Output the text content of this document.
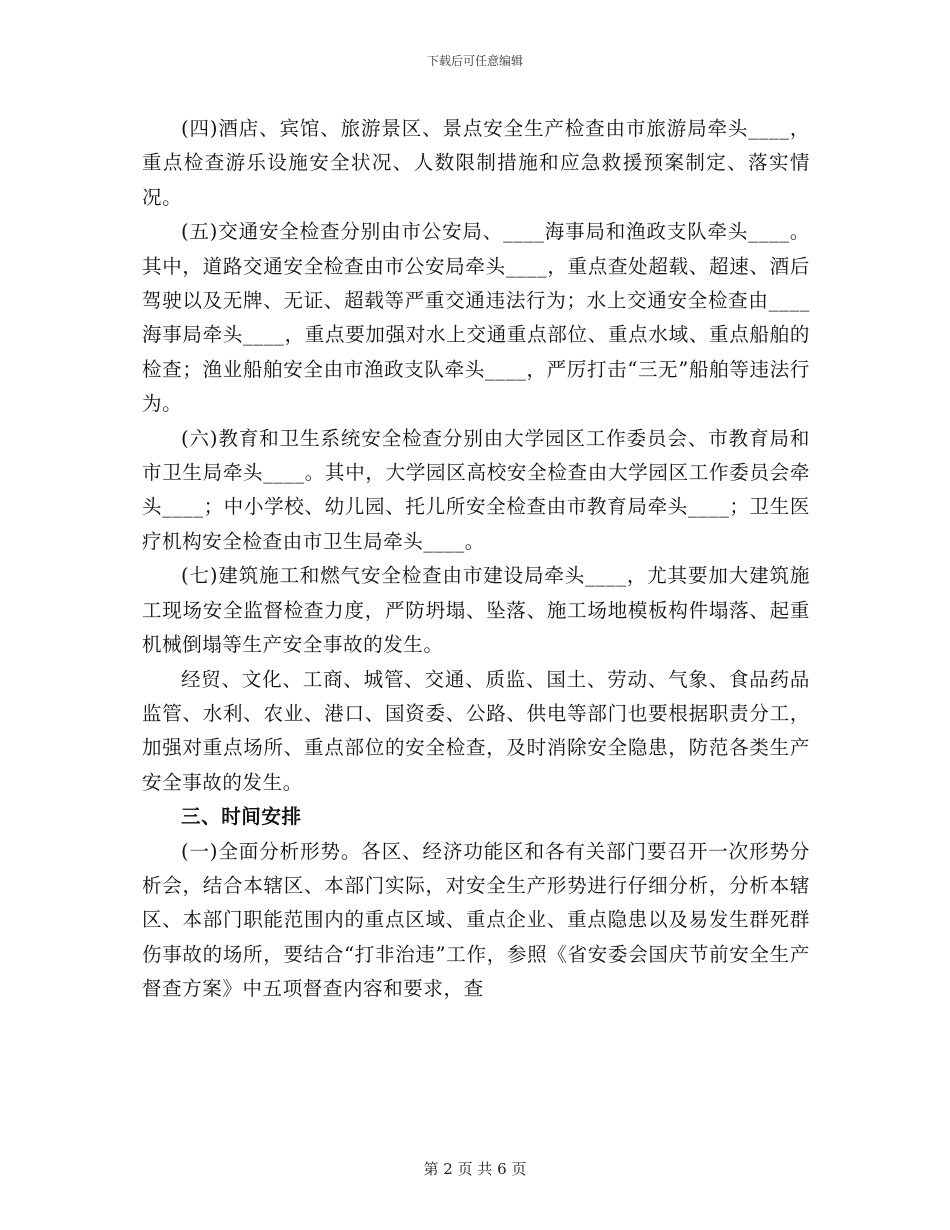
下载后可任意编辑

(四)酒店、宾馆、旅游景区、景点安全生产检查由市旅游局牵头____，重点检查游乐设施安全状况、人数限制措施和应急救援预案制定、落实情况。

(五)交通安全检查分别由市公安局、____海事局和渔政支队牵头____。其中，道路交通安全检查由市公安局牵头____，重点查处超载、超速、酒后驾驶以及无牌、无证、超载等严重交通违法行为；水上交通安全检查由____海事局牵头____，重点要加强对水上交通重点部位、重点水域、重点船舶的检查；渔业船舶安全由市渔政支队牵头____，严厉打击“三无”船舶等违法行为。

(六)教育和卫生系统安全检查分别由大学园区工作委员会、市教育局和市卫生局牵头____。其中，大学园区高校安全检查由大学园区工作委员会牵头____；中小学校、幼儿园、托儿所安全检查由市教育局牵头____；卫生医疗机构安全检查由市卫生局牵头____。

(七)建筑施工和燃气安全检查由市建设局牵头____，尤其要加大建筑施工现场安全监督检查力度，严防坍塌、坠落、施工场地模板构件塌落、起重机械倒塌等生产安全事故的发生。

经贸、文化、工商、城管、交通、质监、国土、劳动、气象、食品药品监管、水利、农业、港口、国资委、公路、供电等部门也要根据职责分工，加强对重点场所、重点部位的安全检查，及时消除安全隐患，防范各类生产安全事故的发生。

三、时间安排

(一)全面分析形势。各区、经济功能区和各有关部门要召开一次形势分析会，结合本辖区、本部门实际，对安全生产形势进行仔细分析，分析本辖区、本部门职能范围内的重点区域、重点企业、重点隐患以及易发生群死群伤事故的场所，要结合“打非治违”工作，参照《省安委会国庆节前安全生产督查方案》中五项督查内容和要求，查

第 2 页 共 6 页
